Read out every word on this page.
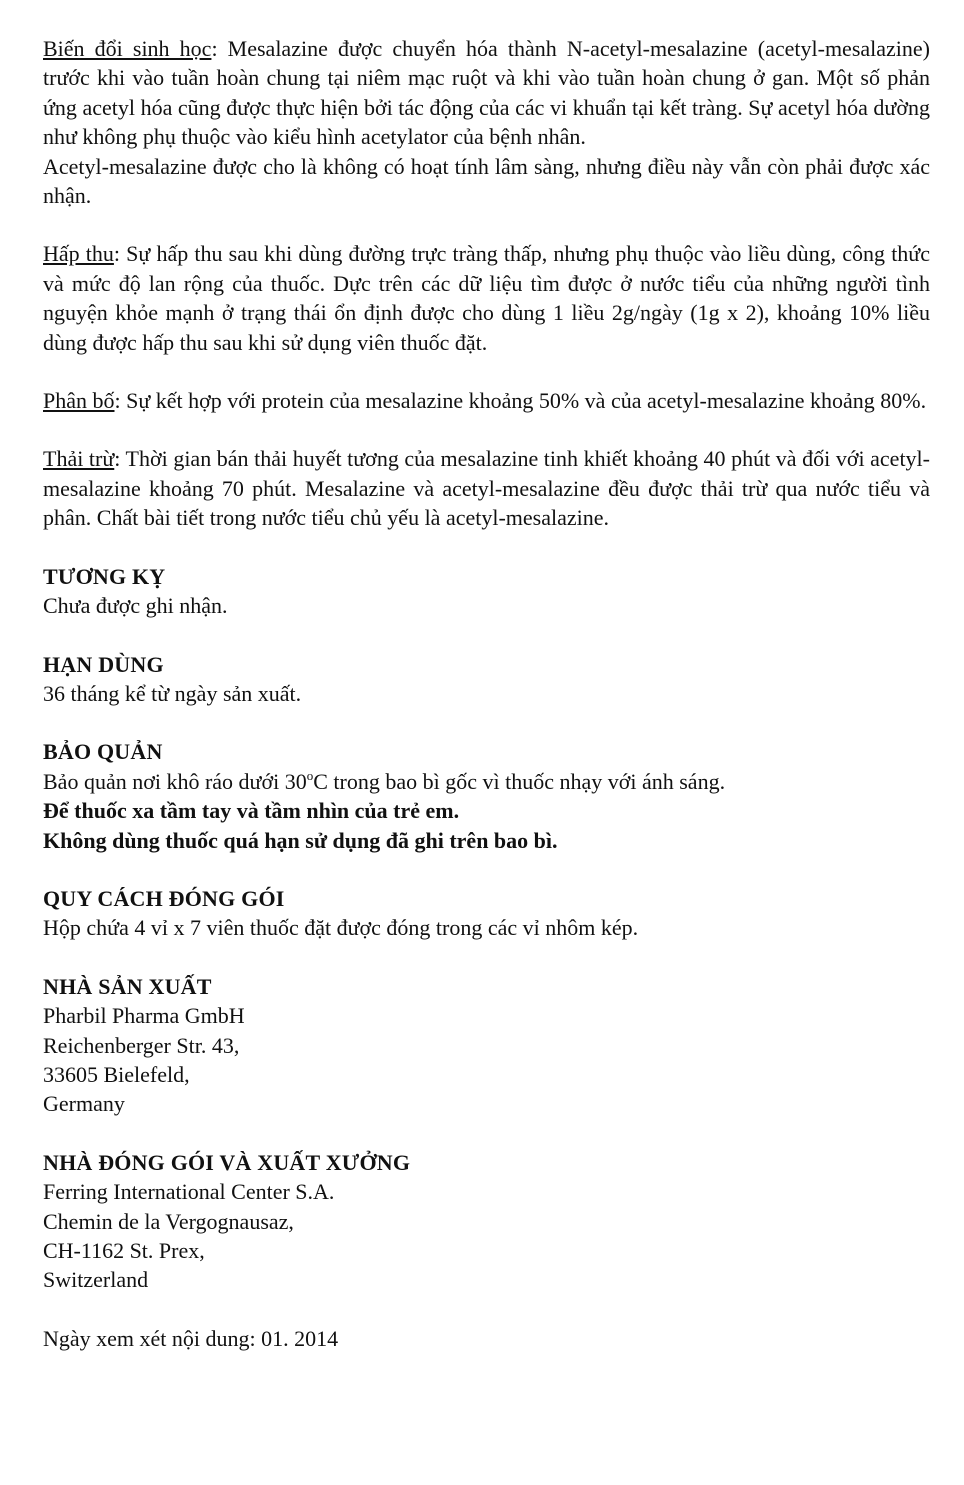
Biến đổi sinh học: Mesalazine được chuyển hóa thành N-acetyl-mesalazine (acetyl-mesalazine) trước khi vào tuần hoàn chung tại niêm mạc ruột và khi vào tuần hoàn chung ở gan. Một số phản ứng acetyl hóa cũng được thực hiện bởi tác động của các vi khuẩn tại kết tràng. Sự acetyl hóa dường như không phụ thuộc vào kiểu hình acetylator của bệnh nhân.

Acetyl-mesalazine được cho là không có hoạt tính lâm sàng, nhưng điều này vẫn còn phải được xác nhận.

Hấp thu: Sự hấp thu sau khi dùng đường trực tràng thấp, nhưng phụ thuộc vào liều dùng, công thức và mức độ lan rộng của thuốc. Dực trên các dữ liệu tìm được ở nước tiểu của những người tình nguyện khỏe mạnh ở trạng thái ổn định được cho dùng 1 liều 2g/ngày (1g x 2), khoảng 10% liều dùng được hấp thu sau khi sử dụng viên thuốc đặt.

Phân bố: Sự kết hợp với protein của mesalazine khoảng 50% và của acetyl-mesalazine khoảng 80%.

Thải trừ: Thời gian bán thải huyết tương của mesalazine tinh khiết khoảng 40 phút và đối với acetyl-mesalazine khoảng 70 phút. Mesalazine và acetyl-mesalazine đều được thải trừ qua nước tiểu và phân. Chất bài tiết trong nước tiểu chủ yếu là acetyl-mesalazine.

TƯƠNG KỴ

Chưa được ghi nhận.

HẠN DÙNG

36 tháng kể từ ngày sản xuất.

BẢO QUẢN

Bảo quản nơi khô ráo dưới 30$^o$C trong bao bì gốc vì thuốc nhạy với ánh sáng.

Để thuốc xa tầm tay và tầm nhìn của trẻ em.

Không dùng thuốc quá hạn sử dụng đã ghi trên bao bì.

QUY CÁCH ĐÓNG GÓI

Hộp chứa 4 vỉ x 7 viên thuốc đặt được đóng trong các vỉ nhôm kép.

NHÀ SẢN XUẤT

Pharbil Pharma GmbH

Reichenberger Str. 43,

33605 Bielefeld,

Germany

NHÀ ĐÓNG GÓI VÀ XUẤT XƯỞNG

Ferring International Center S.A.

Chemin de la Vergognausaz,

CH-1162 St. Prex,

Switzerland

Ngày xem xét nội dung: 01. 2014
